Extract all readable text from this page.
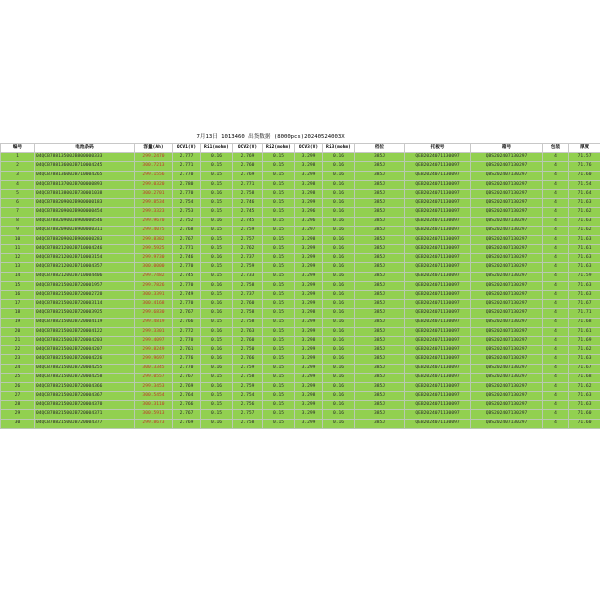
7月13日 1013460 出货数据 (8000pcs)20240524003X													
编号	电池条码	容量(Ah)	OCV1(V)	Ri1(mohm)	OCV2(V)	Ri2(mohm)	OCV3(V)	Ri3(mohm)	档位	托板号	箱号	包装	厚度
1	04QCB78813500JB800000333	299.2470	2.777	0.16	2.769	0.15	3.299	0.16	385J	QEB2024071130097	QBS202407130297	4	71.57
2	04QCB78813600JB710004245	300.7213	2.771	0.15	2.760	0.15	3.298	0.16	385J	QEB2024071130097	QBS202407130297	4	71.76
3	04QCB78813600JB710004265	299.1556	2.770	0.15	2.769	0.15	3.299	0.16	385J	QEB2024071130097	QBS202407130297	4	71.60
4	04QCB78813700JB700000893	299.0320	2.780	0.15	2.771	0.15	3.298	0.16	385J	QEB2024071130097	QBS202407130297	4	71.54
5	04QCB78813800JB730001038	300.2701	2.770	0.16	2.758	0.15	3.298	0.16	385J	QEB2024071130097	QBS202407130297	4	71.64
6	04QCB78820900JB900000183	299.8534	2.754	0.15	2.746	0.15	3.299	0.16	385J	QEB2024071130097	QBS202407130297	4	71.63
7	04QCB78820900JB900000454	299.3323	2.753	0.15	2.745	0.15	3.296	0.16	385J	QEB2024071130097	QBS202407130297	4	71.62
8	04QCB78820900JB900000546	299.9670	2.752	0.16	2.745	0.15	3.296	0.16	385J	QEB2024071130097	QBS202407130297	4	71.63
9	04QCB78820900JB900000311	299.4075	2.768	0.15	2.759	0.15	3.297	0.16	385J	QEB2024071130097	QBS202407130297	4	71.62
10	04QCB78820900JB900000283	299.8382	2.767	0.15	2.757	0.15	3.298	0.16	385J	QEB2024071130097	QBS202407130297	4	71.63
11	04QCB78821200JB710004246	299.5925	2.771	0.15	2.762	0.15	3.299	0.16	385J	QEB2024071130097	QBS202407130297	4	71.61
12	04QCB78821200JB710003154	299.9730	2.746	0.16	2.737	0.15	3.299	0.16	385J	QEB2024071130097	QBS202407130297	4	71.63
13	04QCB78821200JB710004357	300.0000	2.770	0.15	2.759	0.15	3.299	0.16	385J	QEB2024071130097	QBS202407130297	4	71.63
14	04QCB78821200JB710004406	299.7482	2.745	0.15	2.733	0.15	3.299	0.16	385J	QEB2024071130097	QBS202407130297	4	71.59
15	04QCB78821500JB720001957	299.7826	2.770	0.16	2.758	0.15	3.299	0.16	385J	QEB2024071130097	QBS202407130297	4	71.63
16	04QCB78821500JB720002720	300.3391	2.749	0.15	2.737	0.15	3.299	0.16	385J	QEB2024071130097	QBS202407130297	4	71.63
17	04QCB78821500JB720003114	300.4168	2.770	0.16	2.760	0.15	3.299	0.16	385J	QEB2024071130097	QBS202407130297	4	71.67
18	04QCB78821500JB720003925	299.6830	2.767	0.16	2.758	0.15	3.298	0.16	385J	QEB2024071130097	QBS202407130297	4	71.71
19	04QCB78821500JB720004119	299.4819	2.766	0.15	2.758	0.15	3.299	0.16	385J	QEB2024071130097	QBS202407130297	4	71.68
20	04QCB78821500JB720004122	299.3301	2.772	0.16	2.763	0.15	3.299	0.16	385J	QEB2024071130097	QBS202407130297	4	71.61
21	04QCB78821500JB720004203	299.4097	2.770	0.15	2.760	0.15	3.298	0.16	385J	QEB2024071130097	QBS202407130297	4	71.69
22	04QCB78821500JB720004207	299.8249	2.761	0.16	2.750	0.15	3.299	0.16	385J	QEB2024071130097	QBS202407130297	4	71.62
23	04QCB78821500JB720004226	299.9697	2.776	0.16	2.766	0.15	3.299	0.16	385J	QEB2024071130097	QBS202407130297	4	71.63
24	04QCB78821500JB720004255	300.3345	2.770	0.16	2.759	0.15	3.299	0.16	385J	QEB2024071130097	QBS202407130297	4	71.67
25	04QCB78821500JB720004258	299.0557	2.767	0.15	2.758	0.15	3.299	0.16	385J	QEB2024071130097	QBS202407130297	4	71.68
26	04QCB78821500JB720004366	299.3453	2.769	0.16	2.759	0.15	3.299	0.16	385J	QEB2024071130097	QBS202407130297	4	71.62
27	04QCB78821500JB720004367	300.5454	2.764	0.15	2.754	0.15	3.298	0.16	385J	QEB2024071130097	QBS202407130297	4	71.63
28	04QCB78821500JB720004370	300.3110	2.766	0.15	2.756	0.15	3.299	0.16	385J	QEB2024071130097	QBS202407130297	4	71.63
29	04QCB78821500JB720004371	300.5913	2.767	0.15	2.757	0.15	3.299	0.16	385J	QEB2024071130097	QBS202407130297	4	71.60
30	04QCB78821500JB720004377	299.8673	2.769	0.16	2.758	0.15	3.299	0.16	385J	QEB2024071130097	QBS202407130297	4	71.60
